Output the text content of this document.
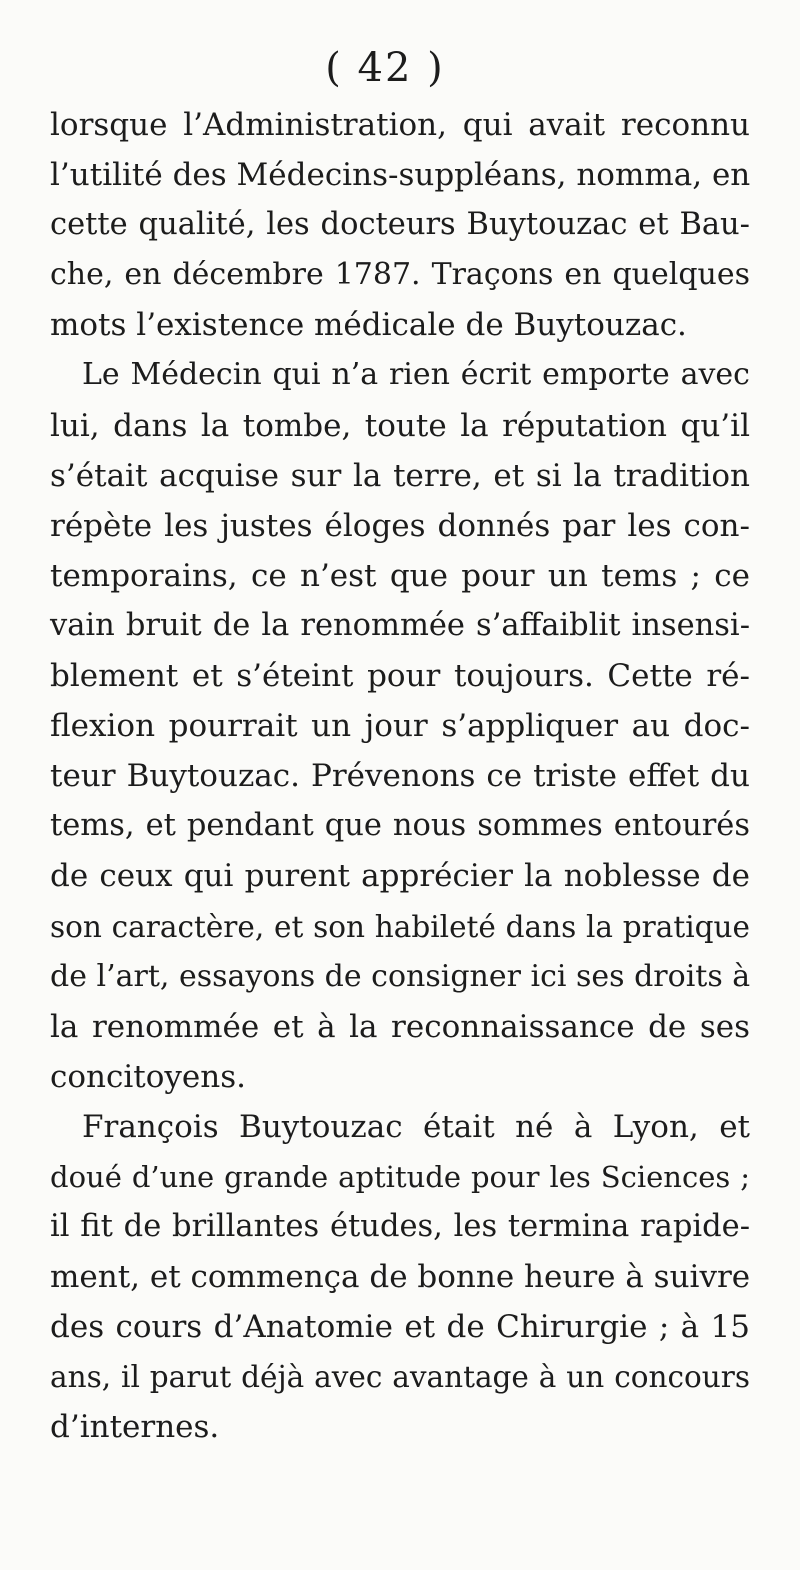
( 42 )
lorsque l’Administration, qui avait reconnu
l’utilité des Médecins-suppléans, nomma, en
cette qualité, les docteurs Buytouzac et Bau-
che, en décembre 1787. Traçons en quelques
mots l’existence médicale de Buytouzac.
Le Médecin qui n’a rien écrit emporte avec
lui, dans la tombe, toute la réputation qu’il
s’était acquise sur la terre, et si la tradition
répète les justes éloges donnés par les con-
temporains, ce n’est que pour un tems ; ce
vain bruit de la renommée s’affaiblit insensi-
blement et s’éteint pour toujours. Cette ré-
flexion pourrait un jour s’appliquer au doc-
teur Buytouzac. Prévenons ce triste effet du
tems, et pendant que nous sommes entourés
de ceux qui purent apprécier la noblesse de
son caractère, et son habileté dans la pratique
de l’art, essayons de consigner ici ses droits à
la renommée et à la reconnaissance de ses
concitoyens.
François Buytouzac était né à Lyon, et
doué d’une grande aptitude pour les Sciences ;
il fit de brillantes études, les termina rapide-
ment, et commença de bonne heure à suivre
des cours d’Anatomie et de Chirurgie ; à 15
ans, il parut déjà avec avantage à un concours
d’internes.
